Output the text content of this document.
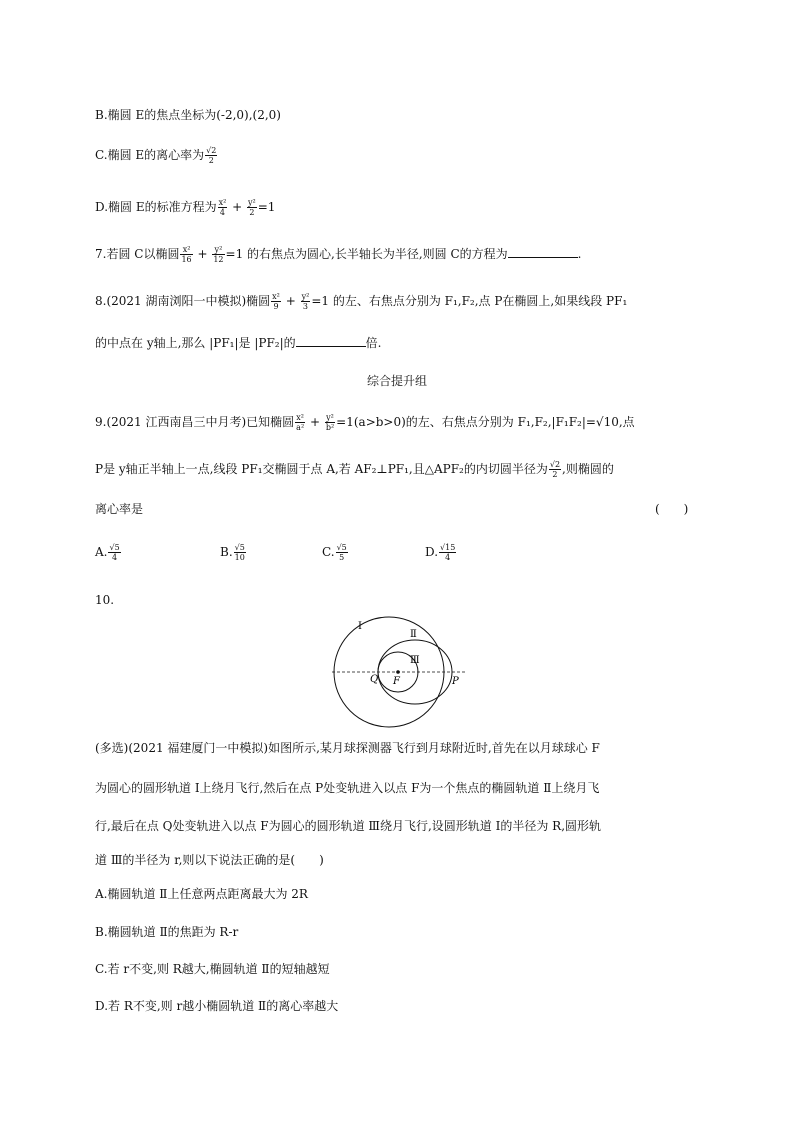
B.椭圆 E的焦点坐标为(-2,0),(2,0)
C.椭圆 E的离心率为 $\frac{√2}{2}$
D.椭圆 E的标准方程为 $\frac{\text{x²}}{4} + \frac{\text{y²}}{2} =1$
7.若圆 C以椭圆 $\frac{\text{x²}}{16} + \frac{\text{y²}}{12} =1$ 的右焦点为圆心,长半轴长为半径,则圆 C的方程为	.
8.(2021 湖南浏阳一中模拟)椭圆 $\frac{\text{x²}}{9} + \frac{\text{y²}}{3} =1$ 的左、右焦点分别为 F₁,F₂,点 P在椭圆上,如果线段 PF₁
的中点在 y轴上,那么 |PF₁|是 |PF₂|的	倍.
综合提升组
9.(2021 江西南昌三中月考)已知椭圆 $\frac{\text{x²}}{\text{a²}} + \frac{\text{y²}}{\text{b²}} =1(a>b>0)$的左、右焦点分别为 F₁,F₂,|F₁F₂|=√10,点
P是 y轴正半轴上一点,线段 PF₁交椭圆于点 A,若 AF₂⊥PF₁,且△APF₂的内切圆半径为 $\frac{√2}{2}$ ,则椭圆的
离心率是	(　　)
A. $\frac{√5}{4}$	B. $\frac{√5}{10}$	C. $\frac{√5}{5}$	D. $\frac{√15}{4}$
10.
Ⅰ
Ⅱ
Ⅲ
Q F	P
(多选)(2021 福建厦门一中模拟)如图所示,某月球探测器飞行到月球附近时,首先在以月球球心 F
为圆心的圆形轨道 Ⅰ上绕月飞行,然后在点 P处变轨进入以点 F为一个焦点的椭圆轨道 Ⅱ上绕月飞
行,最后在点 Q处变轨进入以点 F为圆心的圆形轨道 Ⅲ绕月飞行,设圆形轨道 Ⅰ的半径为 R,圆形轨
道 Ⅲ的半径为 r,则以下说法正确的是(　　)
A.椭圆轨道 Ⅱ上任意两点距离最大为 2R
B.椭圆轨道 Ⅱ的焦距为 R-r
C.若 r不变,则 R越大,椭圆轨道 Ⅱ的短轴越短
D.若 R不变,则 r越小椭圆轨道 Ⅱ的离心率越大
